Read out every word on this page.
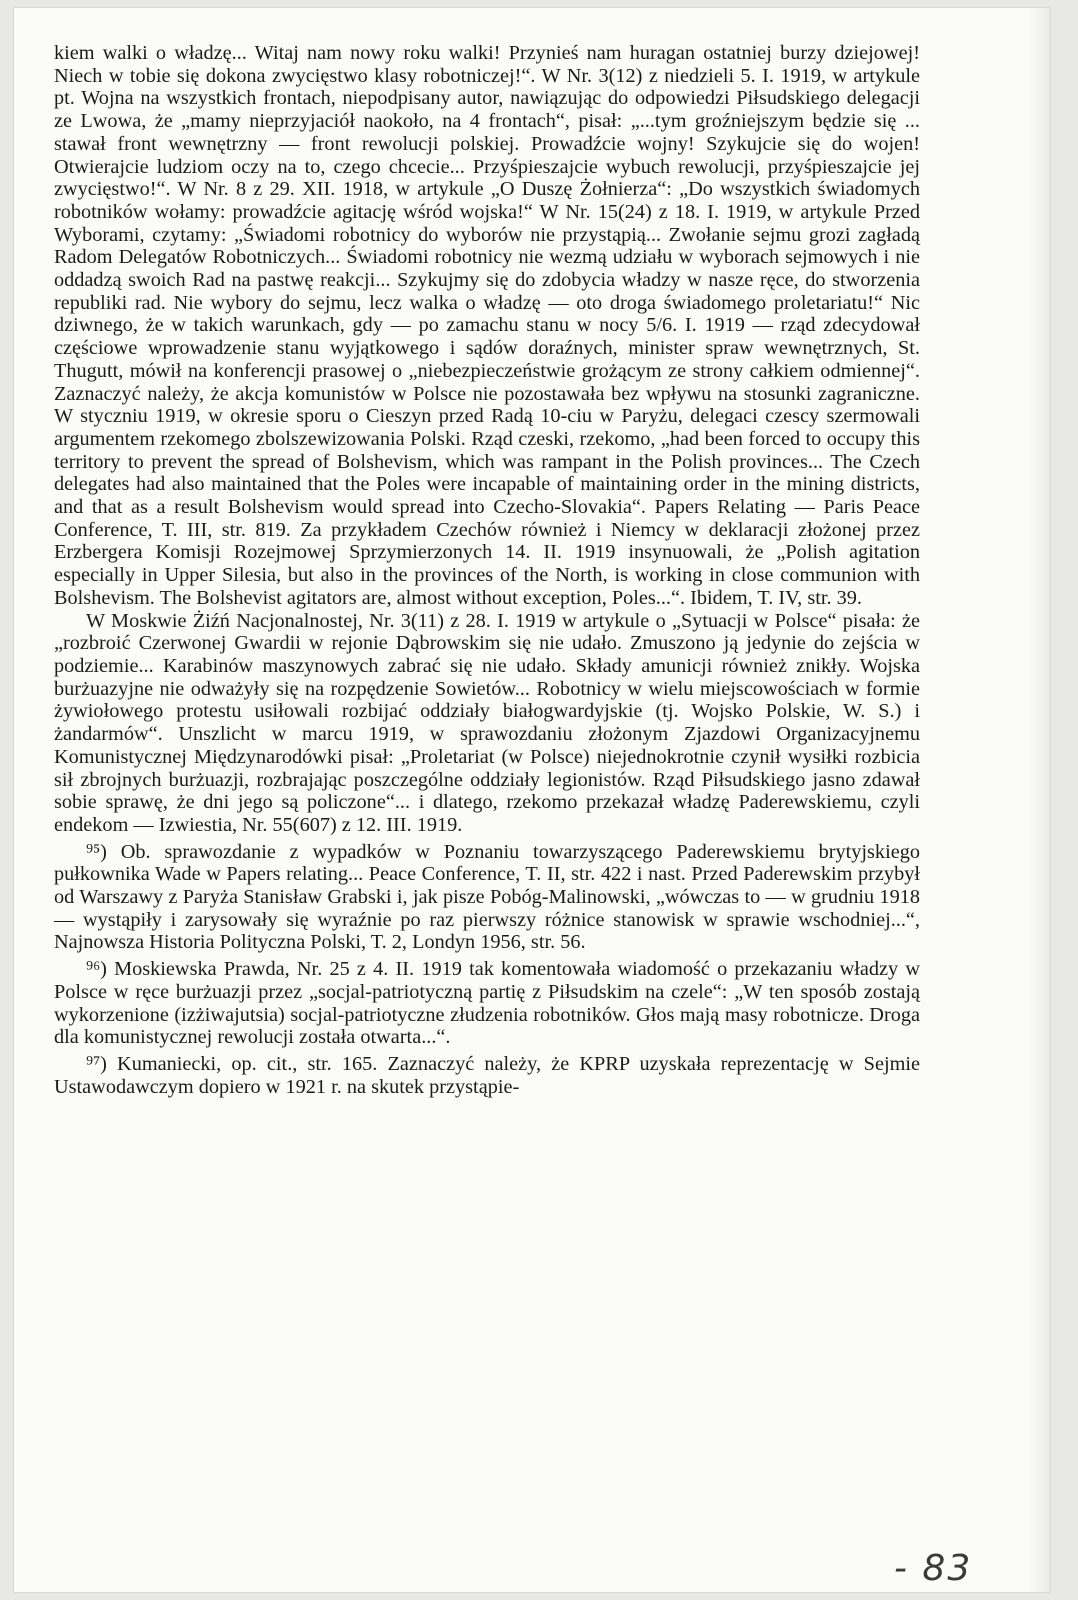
kiem walki o władzę... Witaj nam nowy roku walki! Przynieś nam huragan ostatniej burzy dziejowej! Niech w tobie się dokona zwycięstwo klasy robotniczej!“. W Nr. 3(12) z niedzieli 5. I. 1919, w artykule pt. Wojna na wszystkich frontach, niepodpisany autor, nawiązując do odpowiedzi Piłsudskiego delegacji ze Lwowa, że „mamy nieprzyjaciół naokoło, na 4 frontach“, pisał: „...tym groźniejszym będzie się ... stawał front wewnętrzny — front rewolucji polskiej. Prowadźcie wojny! Szykujcie się do wojen! Otwierajcie ludziom oczy na to, czego chcecie... Przyśpieszajcie wybuch rewolucji, przyśpieszajcie jej zwycięstwo!“. W Nr. 8 z 29. XII. 1918, w artykule „O Duszę Żołnierza“: „Do wszystkich świadomych robotników wołamy: prowadźcie agitację wśród wojska!“ W Nr. 15(24) z 18. I. 1919, w artykule Przed Wyborami, czytamy: „Świadomi robotnicy do wyborów nie przystąpią... Zwołanie sejmu grozi zagładą Radom Delegatów Robotniczych... Świadomi robotnicy nie wezmą udziału w wyborach sejmowych i nie oddadzą swoich Rad na pastwę reakcji... Szykujmy się do zdobycia władzy w nasze ręce, do stworzenia republiki rad. Nie wybory do sejmu, lecz walka o władzę — oto droga świadomego proletariatu!“ Nic dziwnego, że w takich warunkach, gdy — po zamachu stanu w nocy 5/6. I. 1919 — rząd zdecydował częściowe wprowadzenie stanu wyjątkowego i sądów doraźnych, minister spraw wewnętrznych, St. Thugutt, mówił na konferencji prasowej o „niebezpieczeństwie grożącym ze strony całkiem odmiennej“. Zaznaczyć należy, że akcja komunistów w Polsce nie pozostawała bez wpływu na stosunki zagraniczne. W styczniu 1919, w okresie sporu o Cieszyn przed Radą 10-ciu w Paryżu, delegaci czescy szermowali argumentem rzekomego zbolszewizowania Polski. Rząd czeski, rzekomo, „had been forced to occupy this territory to prevent the spread of Bolshevism, which was rampant in the Polish provinces... The Czech delegates had also maintained that the Poles were incapable of maintaining order in the mining districts, and that as a result Bolshevism would spread into Czecho-Slovakia“. Papers Relating — Paris Peace Conference, T. III, str. 819. Za przykładem Czechów również i Niemcy w deklaracji złożonej przez Erzbergera Komisji Rozejmowej Sprzymierzonych 14. II. 1919 insynuowali, że „Polish agitation especially in Upper Silesia, but also in the provinces of the North, is working in close communion with Bolshevism. The Bolshevist agitators are, almost without exception, Poles...“. Ibidem, T. IV, str. 39.

W Moskwie Żiźń Nacjonalnostej, Nr. 3(11) z 28. I. 1919 w artykule o „Sytuacji w Polsce“ pisała: że „rozbroić Czerwonej Gwardii w rejonie Dąbrowskim się nie udało. Zmuszono ją jedynie do zejścia w podziemie... Karabinów maszynowych zabrać się nie udało. Składy amunicji również znikły. Wojska burżuazyjne nie odważyły się na rozpędzenie Sowietów... Robotnicy w wielu miejscowościach w formie żywiołowego protestu usiłowali rozbijać oddziały białogwardyjskie (tj. Wojsko Polskie, W. S.) i żandarmów“. Unszlicht w marcu 1919, w sprawozdaniu złożonym Zjazdowi Organizacyjnemu Komunistycznej Międzynarodówki pisał: „Proletariat (w Polsce) niejednokrotnie czynił wysiłki rozbicia sił zbrojnych burżuazji, rozbrajając poszczególne oddziały legionistów. Rząd Piłsudskiego jasno zdawał sobie sprawę, że dni jego są policzone“... i dlatego, rzekomo przekazał władzę Paderewskiemu, czyli endekom — Izwiestia, Nr. 55(607) z 12. III. 1919.

⁹⁵) Ob. sprawozdanie z wypadków w Poznaniu towarzyszącego Paderewskiemu brytyjskiego pułkownika Wade w Papers relating... Peace Conference, T. II, str. 422 i nast. Przed Paderewskim przybył od Warszawy z Paryża Stanisław Grabski i, jak pisze Pobóg-Malinowski, „wówczas to — w grudniu 1918 — wystąpiły i zarysowały się wyraźnie po raz pierwszy różnice stanowisk w sprawie wschodniej...“, Najnowsza Historia Polityczna Polski, T. 2, Londyn 1956, str. 56.

⁹⁶) Moskiewska Prawda, Nr. 25 z 4. II. 1919 tak komentowała wiadomość o przekazaniu władzy w Polsce w ręce burżuazji przez „socjal-patriotyczną partię z Piłsudskim na czele“: „W ten sposób zostają wykorzenione (izżiwajutsia) socjal-patriotyczne złudzenia robotników. Głos mają masy robotnicze. Droga dla komunistycznej rewolucji została otwarta...“.

⁹⁷) Kumaniecki, op. cit., str. 165. Zaznaczyć należy, że KPRP uzyskała reprezentację w Sejmie Ustawodawczym dopiero w 1921 r. na skutek przystąpie-

- 83
